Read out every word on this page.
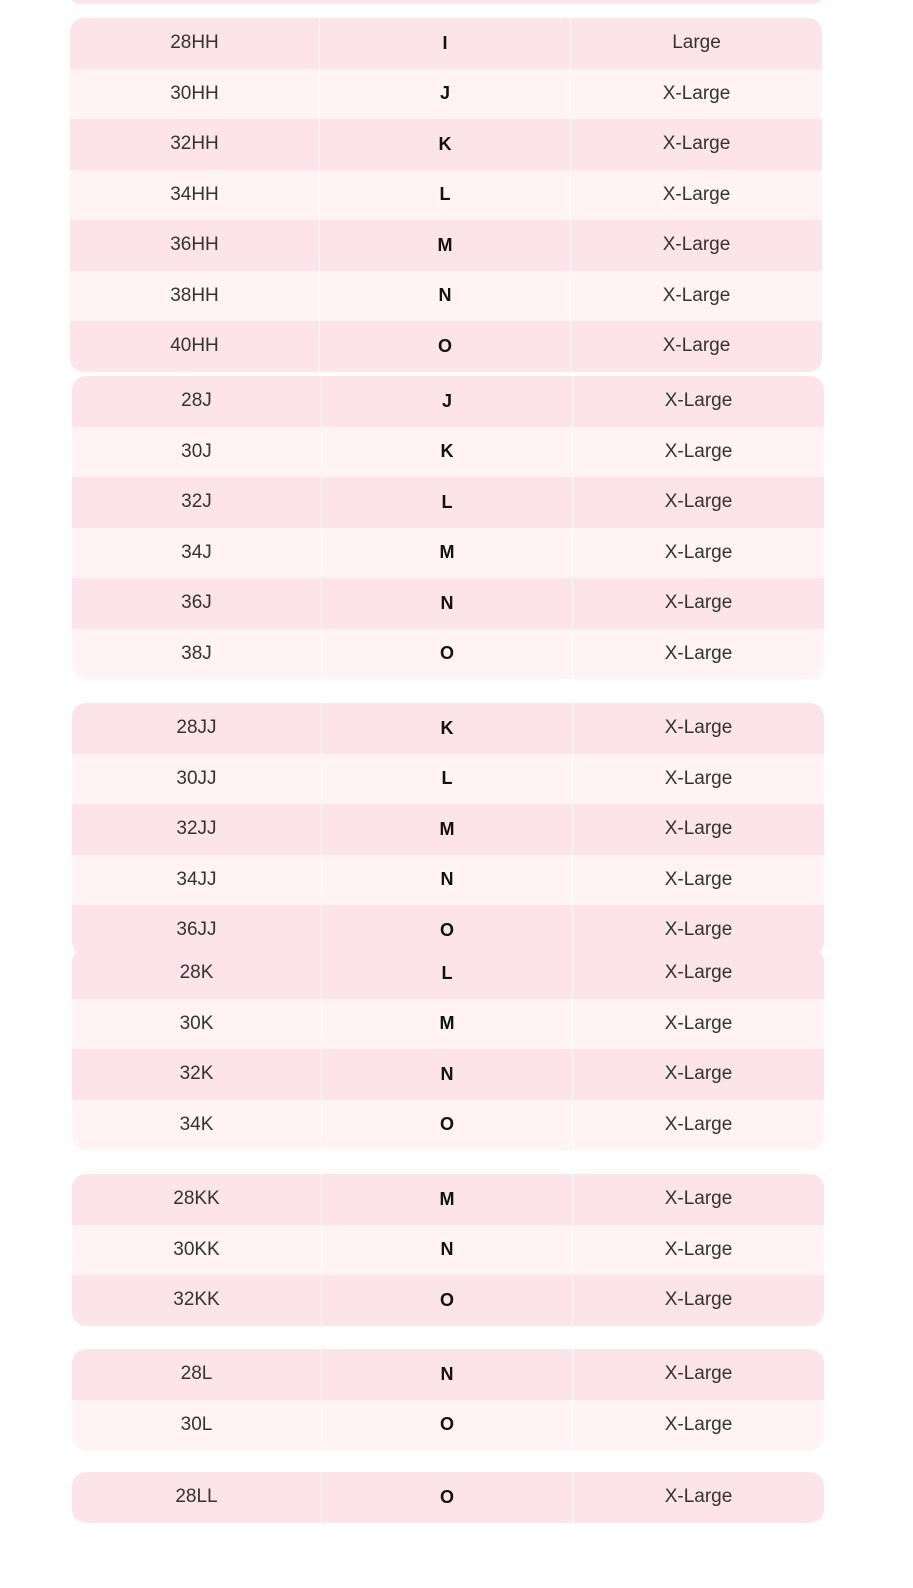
28HH	I	Large
30HH	J	X-Large
32HH	K	X-Large
34HH	L	X-Large
36HH	M	X-Large
38HH	N	X-Large
40HH	O	X-Large
28J	J	X-Large
30J	K	X-Large
32J	L	X-Large
34J	M	X-Large
36J	N	X-Large
38J	O	X-Large
28JJ	K	X-Large
30JJ	L	X-Large
32JJ	M	X-Large
34JJ	N	X-Large
36JJ	O	X-Large
28K	L	X-Large
30K	M	X-Large
32K	N	X-Large
34K	O	X-Large
28KK	M	X-Large
30KK	N	X-Large
32KK	O	X-Large
28L	N	X-Large
30L	O	X-Large
28LL	O	X-Large
